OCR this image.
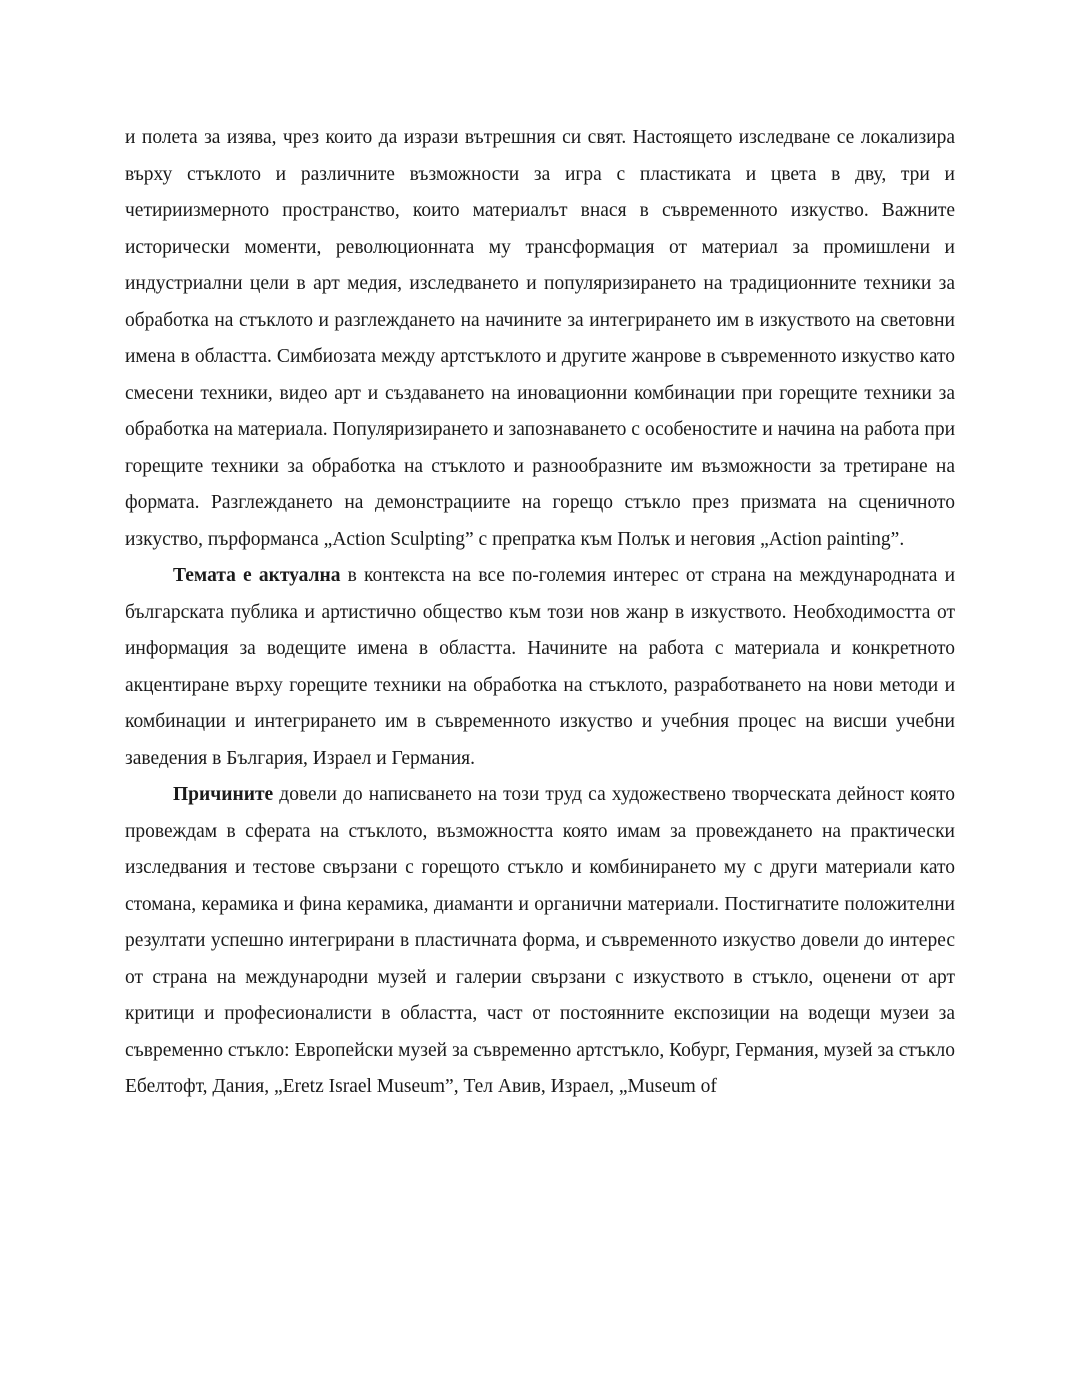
и полета за изява, чрез които да изрази вътрешния си свят. Настоящето изследване се локализира върху стъклото и различните възможности за игра с пластиката и цвета в дву, три и четириизмерното пространство, които материалът внася в съвременното изкуство. Важните исторически моменти, революционната му трансформация от материал за промишлени и индустриални цели в арт медия, изследването и популяризирането на традиционните техники за обработка на стъклото и разглеждането на начините за интегрирането им в изкуството на световни имена в областта. Симбиозата между артстъклото и другите жанрове в съвременното изкуство като смесени техники, видео арт и създаването на иновационни комбинации при горещите техники за обработка на материала. Популяризирането и запознаването с особеностите и начина на работа при горещите техники за обработка на стъклото и разнообразните им възможности за третиране на формата. Разглеждането на демонстрациите на горещо стъкло през призмата на сценичното изкуство, пърформанса „Action Sculpting” с препратка към Полък и неговия „Action painting”.

Темата е актуална в контекста на все по-големия интерес от страна на международната и българската публика и артистично общество към този нов жанр в изкуството. Необходимостта от информация за водещите имена в областта. Начините на работа с материала и конкретното акцентиране върху горещите техники на обработка на стъклото, разработването на нови методи и комбинации и интегрирането им в съвременното изкуство и учебния процес на висши учебни заведения в България, Израел и Германия.

Причините довели до написването на този труд са художествено творческата дейност която провеждам в сферата на стъклото, възможността която имам за провеждането на практически изследвания и тестове свързани с горещото стъкло и комбинирането му с други материали като стомана, керамика и фина керамика, диаманти и органични материали. Постигнатите положителни резултати успешно интегрирани в пластичната форма, и съвременното изкуство довели до интерес от страна на международни музей и галерии свързани с изкуството в стъкло, оценени от арт критици и професионалисти в областта, част от постоянните експозиции на водещи музеи за съвременно стъкло: Европейски музей за съвременно артстъкло, Кобург, Германия, музей за стъкло Ебелтофт, Дания, „Eretz Israel Museum”, Тел Авив, Израел, „Museum of
